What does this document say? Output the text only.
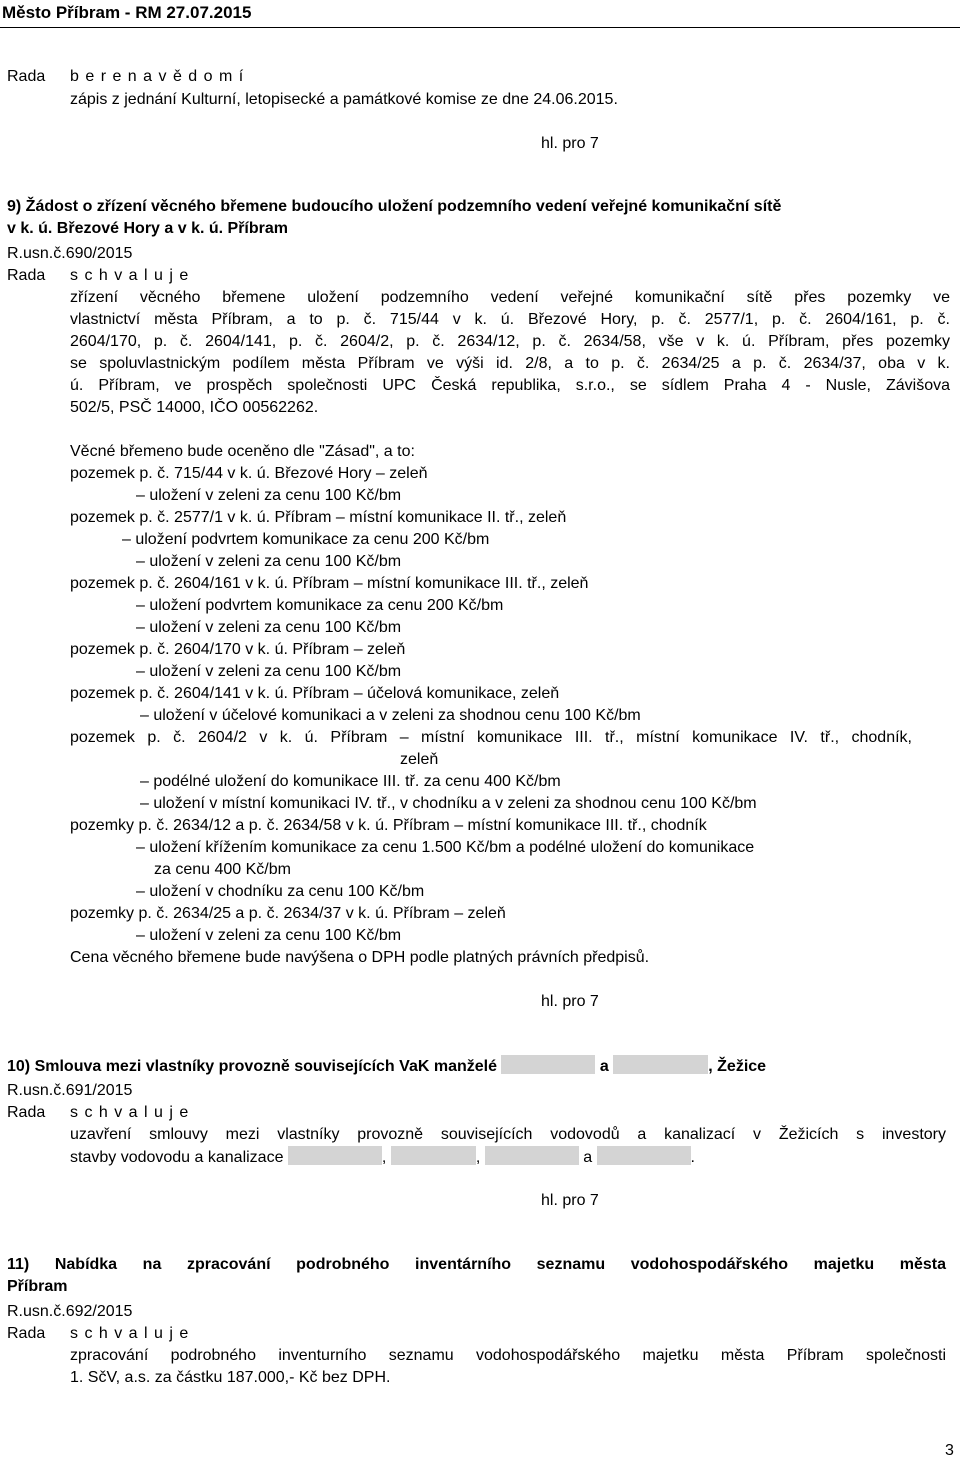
Město Příbram - RM 27.07.2015
Rada b e r e n a v ě d o m í
zápis z jednání Kulturní, letopisecké a památkové komise ze dne 24.06.2015.
hl. pro 7
9) Žádost o zřízení věcného břemene budoucího uložení podzemního vedení veřejné komunikační sítě
v k. ú. Březové Hory a v k. ú. Příbram
R.usn.č.690/2015
Rada s c h v a l u j e
zřízení věcného břemene uložení podzemního vedení veřejné komunikační sítě přes pozemky ve
vlastnictví města Příbram, a to p. č. 715/44 v k. ú. Březové Hory, p. č. 2577/1, p. č. 2604/161, p. č.
2604/170, p. č. 2604/141, p. č. 2604/2, p. č. 2634/12, p. č. 2634/58, vše v k. ú. Příbram, přes pozemky
se spoluvlastnickým podílem města Příbram ve výši id. 2/8, a to p. č. 2634/25 a p. č. 2634/37, oba v k.
ú. Příbram, ve prospěch společnosti UPC Česká republika, s.r.o., se sídlem Praha 4 - Nusle, Závišova
502/5, PSČ 14000, IČO 00562262.
Věcné břemeno bude oceněno dle "Zásad", a to:
pozemek p. č. 715/44 v k. ú. Březové Hory – zeleň
– uložení v zeleni za cenu 100 Kč/bm
pozemek p. č. 2577/1 v k. ú. Příbram – místní komunikace II. tř., zeleň
– uložení podvrtem komunikace za cenu 200 Kč/bm
– uložení v zeleni za cenu 100 Kč/bm
pozemek p. č. 2604/161 v k. ú. Příbram – místní komunikace III. tř., zeleň
– uložení podvrtem komunikace za cenu 200 Kč/bm
– uložení v zeleni za cenu 100 Kč/bm
pozemek p. č. 2604/170 v k. ú. Příbram – zeleň
– uložení v zeleni za cenu 100 Kč/bm
pozemek p. č. 2604/141 v k. ú. Příbram – účelová komunikace, zeleň
– uložení v účelové komunikaci a v zeleni za shodnou cenu 100 Kč/bm
pozemek p. č. 2604/2 v k. ú. Příbram – místní komunikace III. tř., místní komunikace IV. tř., chodník,
zeleň
– podélné uložení do komunikace III. tř. za cenu 400 Kč/bm
– uložení v místní komunikaci IV. tř., v chodníku a v zeleni za shodnou cenu 100 Kč/bm
pozemky p. č. 2634/12 a p. č. 2634/58 v k. ú. Příbram – místní komunikace III. tř., chodník
– uložení křížením komunikace za cenu 1.500 Kč/bm a podélné uložení do komunikace
za cenu 400 Kč/bm
– uložení v chodníku za cenu 100 Kč/bm
pozemky p. č. 2634/25 a p. č. 2634/37 v k. ú. Příbram – zeleň
– uložení v zeleni za cenu 100 Kč/bm
Cena věcného břemene bude navýšena o DPH podle platných právních předpisů.
hl. pro 7
10) Smlouva mezi vlastníky provozně souvisejících VaK manželé	a	, Žežice
R.usn.č.691/2015
Rada s c h v a l u j e
uzavření smlouvy mezi vlastníky provozně souvisejících vodovodů a kanalizací v Žežicích s investory
stavby vodovodu a kanalizace	,	,	a	.
hl. pro 7
11) Nabídka na zpracování podrobného inventárního seznamu vodohospodářského majetku města
Příbram
R.usn.č.692/2015
Rada s c h v a l u j e
zpracování podrobného inventurního seznamu vodohospodářského majetku města Příbram společnosti
1. SčV, a.s. za částku 187.000,- Kč bez DPH.
3
